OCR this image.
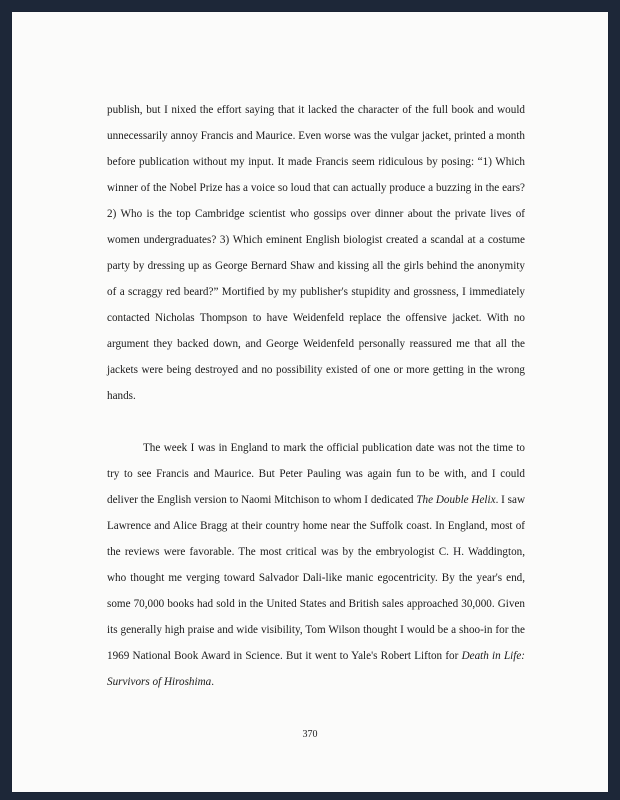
publish, but I nixed the effort saying that it lacked the character of the full book and would unnecessarily annoy Francis and Maurice. Even worse was the vulgar jacket, printed a month before publication without my input. It made Francis seem ridiculous by posing: “1) Which winner of the Nobel Prize has a voice so loud that can actually produce a buzzing in the ears? 2) Who is the top Cambridge scientist who gossips over dinner about the private lives of women undergraduates? 3) Which eminent English biologist created a scandal at a costume party by dressing up as George Bernard Shaw and kissing all the girls behind the anonymity of a scraggy red beard?” Mortified by my publisher's stupidity and grossness, I immediately contacted Nicholas Thompson to have Weidenfeld replace the offensive jacket. With no argument they backed down, and George Weidenfeld personally reassured me that all the jackets were being destroyed and no possibility existed of one or more getting in the wrong hands.

The week I was in England to mark the official publication date was not the time to try to see Francis and Maurice. But Peter Pauling was again fun to be with, and I could deliver the English version to Naomi Mitchison to whom I dedicated The Double Helix. I saw Lawrence and Alice Bragg at their country home near the Suffolk coast. In England, most of the reviews were favorable. The most critical was by the embryologist C. H. Waddington, who thought me verging toward Salvador Dali-like manic egocentricity. By the year's end, some 70,000 books had sold in the United States and British sales approached 30,000. Given its generally high praise and wide visibility, Tom Wilson thought I would be a shoo-in for the 1969 National Book Award in Science. But it went to Yale's Robert Lifton for Death in Life: Survivors of Hiroshima.

370
